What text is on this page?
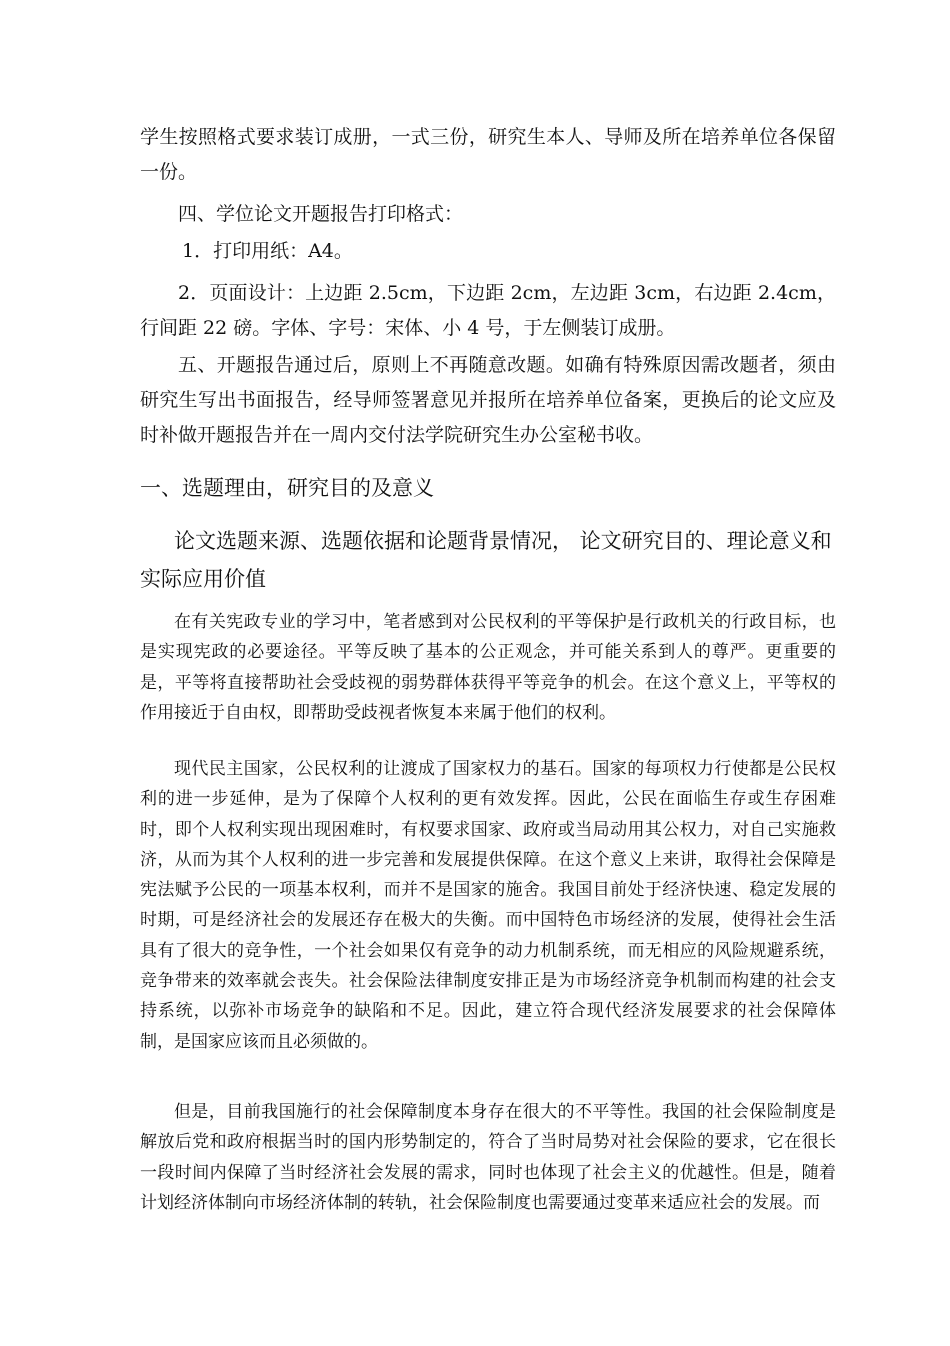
学生按照格式要求装订成册，一式三份，研究生本人、导师及所在培养单位各保留一份。

四、学位论文开题报告打印格式：

1．打印用纸：A4。

2．页面设计：上边距 2.5cm，下边距 2cm，左边距 3cm，右边距 2.4cm，行间距 22 磅。字体、字号：宋体、小 4 号，于左侧装订成册。

五、开题报告通过后，原则上不再随意改题。如确有特殊原因需改题者，须由研究生写出书面报告，经导师签署意见并报所在培养单位备案，更换后的论文应及时补做开题报告并在一周内交付法学院研究生办公室秘书收。

一、选题理由，研究目的及意义
论文选题来源、选题依据和论题背景情况， 论文研究目的、理论意义和实际应用价值

在有关宪政专业的学习中，笔者感到对公民权利的平等保护是行政机关的行政目标，也是实现宪政的必要途径。平等反映了基本的公正观念，并可能关系到人的尊严。更重要的是，平等将直接帮助社会受歧视的弱势群体获得平等竞争的机会。在这个意义上，平等权的作用接近于自由权，即帮助受歧视者恢复本来属于他们的权利。

现代民主国家，公民权利的让渡成了国家权力的基石。国家的每项权力行使都是公民权利的进一步延伸，是为了保障个人权利的更有效发挥。因此，公民在面临生存或生存困难时，即个人权利实现出现困难时，有权要求国家、政府或当局动用其公权力，对自己实施救济，从而为其个人权利的进一步完善和发展提供保障。在这个意义上来讲，取得社会保障是宪法赋予公民的一项基本权利，而并不是国家的施舍。我国目前处于经济快速、稳定发展的时期，可是经济社会的发展还存在极大的失衡。而中国特色市场经济的发展，使得社会生活具有了很大的竞争性，一个社会如果仅有竞争的动力机制系统，而无相应的风险规避系统，竞争带来的效率就会丧失。社会保险法律制度安排正是为市场经济竞争机制而构建的社会支持系统，以弥补市场竞争的缺陷和不足。因此，建立符合现代经济发展要求的社会保障体制，是国家应该而且必须做的。

但是，目前我国施行的社会保障制度本身存在很大的不平等性。我国的社会保险制度是解放后党和政府根据当时的国内形势制定的，符合了当时局势对社会保险的要求，它在很长一段时间内保障了当时经济社会发展的需求，同时也体现了社会主义的优越性。但是，随着计划经济体制向市场经济体制的转轨，社会保险制度也需要通过变革来适应社会的发展。而
